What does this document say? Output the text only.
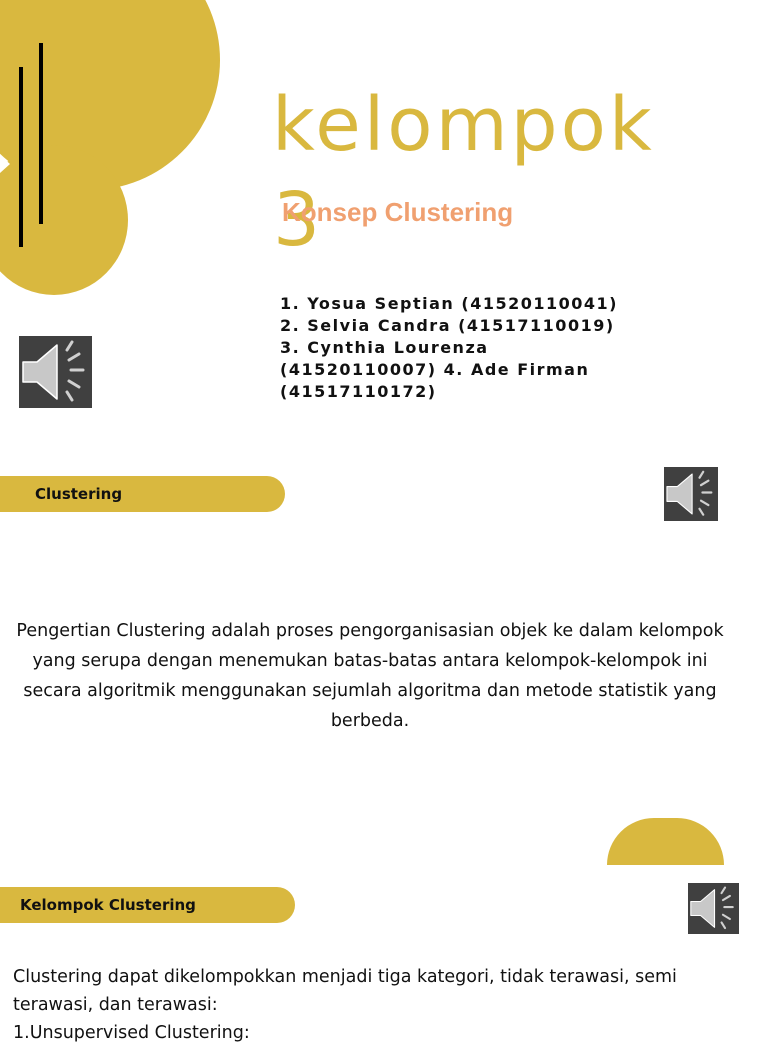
kelompok
3
Konsep Clustering

1. Yosua Septian (41520110041) 2. Selvia Candra (41517110019) 3. Cynthia Lourenza (41520110007) 4. Ade Firman (41517110172)

Clustering

Pengertian Clustering adalah proses pengorganisasian objek ke dalam kelompok yang serupa dengan menemukan batas-batas antara kelompok-kelompok ini secara algoritmik menggunakan sejumlah algoritma dan metode statistik yang berbeda.

Kelompok Clustering
Clustering dapat dikelompokkan menjadi tiga kategori, tidak terawasi, semi terawasi, dan terawasi:
1.Unsupervised Clustering:
